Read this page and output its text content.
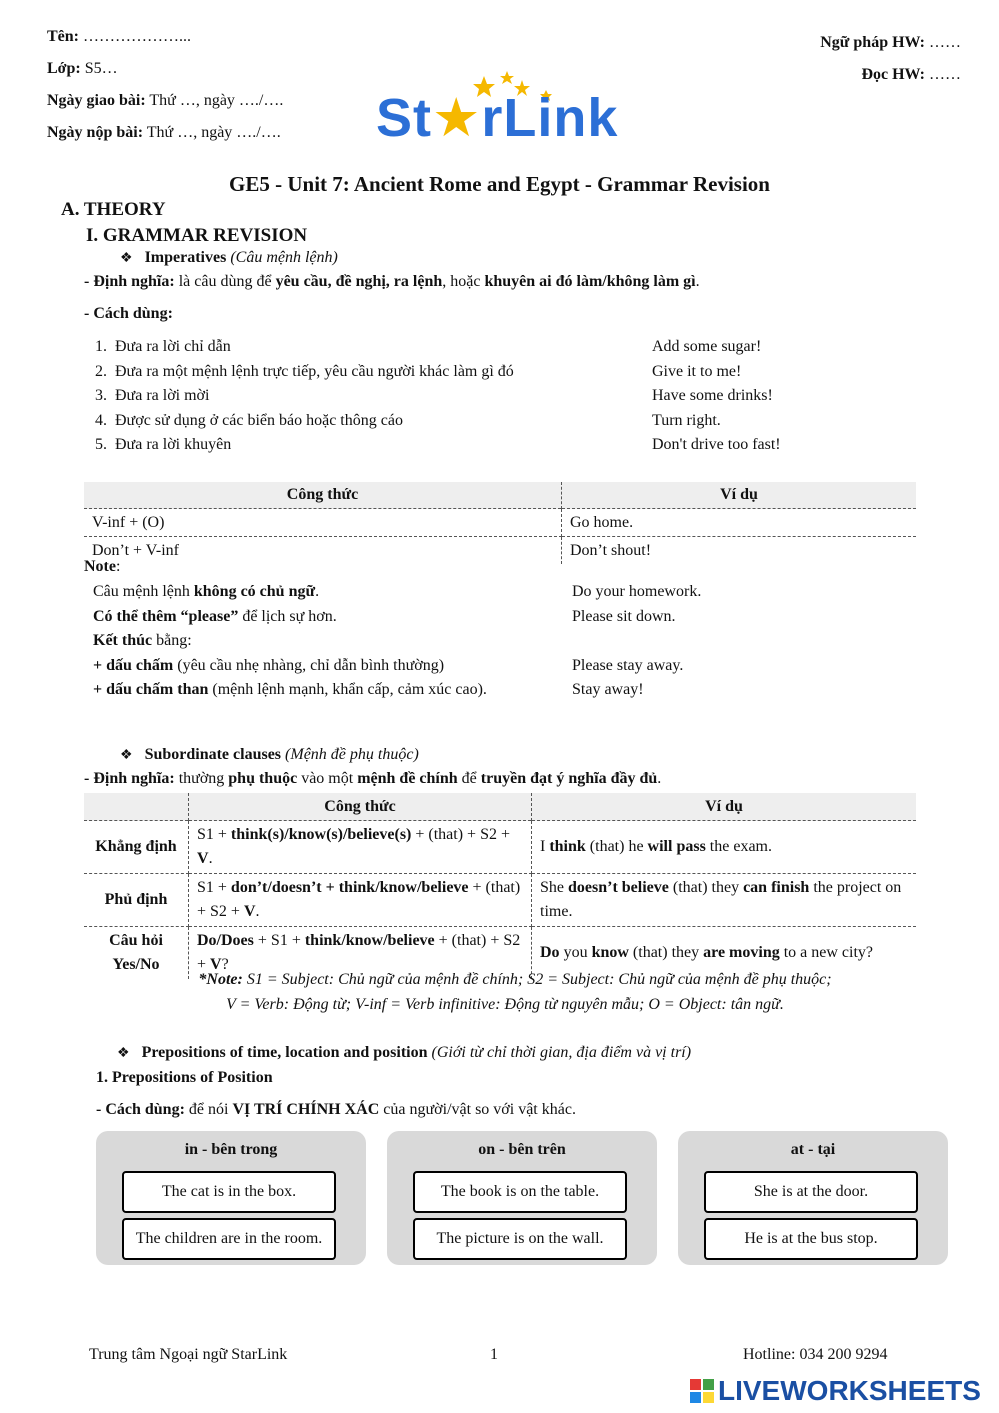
Tên: ………………...
Lớp: S5…
Ngày giao bài: Thứ …, ngày …./….
Ngày nộp bài: Thứ …, ngày …./….
Ngữ pháp HW: ……
Đọc HW: ……
St★rLink
GE5 - Unit 7: Ancient Rome and Egypt - Grammar Revision
A. THEORY
I. GRAMMAR REVISION
❖ Imperatives (Câu mệnh lệnh)
- Định nghĩa: là câu dùng để yêu cầu, đề nghị, ra lệnh, hoặc khuyên ai đó làm/không làm gì.
- Cách dùng:
1. Đưa ra lời chỉ dẫn	Add some sugar!
2. Đưa ra một mệnh lệnh trực tiếp, yêu cầu người khác làm gì đó	Give it to me!
3. Đưa ra lời mời	Have some drinks!
4. Được sử dụng ở các biển báo hoặc thông cáo	Turn right.
5. Đưa ra lời khuyên	Don't drive too fast!
Công thức	Ví dụ
V-inf + (O)	Go home.
Don’t + V-inf	Don’t shout!
Note:
Câu mệnh lệnh không có chủ ngữ.	Do your homework.
Có thể thêm “please” để lịch sự hơn.	Please sit down.
Kết thúc bằng:
+ dấu chấm (yêu cầu nhẹ nhàng, chỉ dẫn bình thường)	Please stay away.
+ dấu chấm than (mệnh lệnh mạnh, khẩn cấp, cảm xúc cao).	Stay away!
❖ Subordinate clauses (Mệnh đề phụ thuộc)
- Định nghĩa: thường phụ thuộc vào một mệnh đề chính để truyền đạt ý nghĩa đầy đủ.
	Công thức	Ví dụ
Khẳng định	S1 + think(s)/know(s)/believe(s) + (that) + S2 + V.	I think (that) he will pass the exam.
Phủ định	S1 + don’t/doesn’t + think/know/believe + (that) + S2 + V.	She doesn’t believe (that) they can finish the project on time.
Câu hỏi
Yes/No	Do/Does + S1 + think/know/believe + (that) + S2 + V?	Do you know (that) they are moving to a new city?
*Note: S1 = Subject: Chủ ngữ của mệnh đề chính; S2 = Subject: Chủ ngữ của mệnh đề phụ thuộc;
V = Verb: Động từ; V-inf = Verb infinitive: Động từ nguyên mẫu; O = Object: tân ngữ.
❖ Prepositions of time, location and position (Giới từ chỉ thời gian, địa điểm và vị trí)
1. Prepositions of Position
- Cách dùng: để nói VỊ TRÍ CHÍNH XÁC của người/vật so với vật khác.
in - bên trong
The cat is in the box.
The children are in the room.
on - bên trên
The book is on the table.
The picture is on the wall.
at - tại
She is at the door.
He is at the bus stop.
Trung tâm Ngoại ngữ StarLink	1	Hotline: 034 200 9294
LIVEWORKSHEETS
